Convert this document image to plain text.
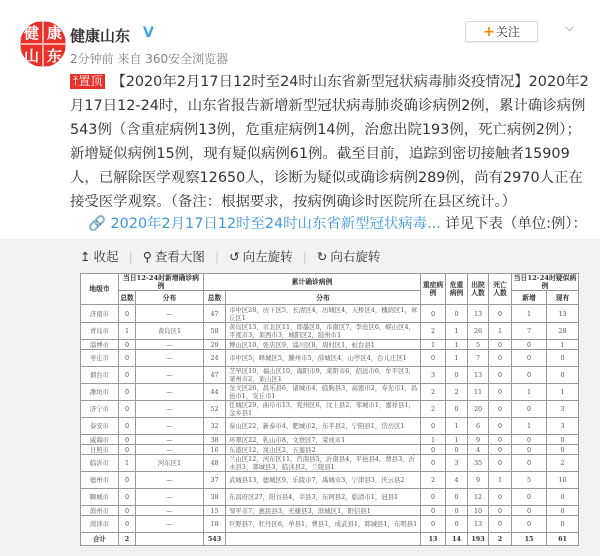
健 康
山 东
健康山东 V
2分钟前 来自 360安全浏览器
+ 关注	⌵
⤒置顶 【2020年2月17日12时至24时山东省新型冠状病毒肺炎疫情况】2020年2月17日12-24时，山东省报告新增新型冠状病毒肺炎确诊病例2例，累计确诊病例543例（含重症病例13例，危重症病例14例，治愈出院193例，死亡病例2例）；新增疑似病例15例，现有疑似病例61例。截至目前，追踪到密切接触者15909人，已解除医学观察12650人，诊断为疑似或确诊病例289例，尚有2970人正在接受医学观察。（备注：根据要求，按病例确诊时医院所在县区统计。）
🔗 2020年2月17日12时至24时山东省新型冠状病毒... 详见下表（单位:例）：
↥ 收起 | ⚲ 查看大图 | ↺ 向左旋转 | ↻ 向右旋转
地级市	当日12-24时新增确诊病例		累计确诊病例		重症病例	危重病例	出院人数	死亡人数	当日12-24时疑似病例	
	总数	分布	总数	分布					新增	现有
济南市	0	—	47	市中区28，历下区5，长清区4，历城区4，天桥区4，槐荫区1，章丘区1	0	0	13	0	1	13
青岛市	1	黄岛区1	58	黄岛区13，市北区11，即墨区8，市南区7，李沧区6，崂山区4，平度市3，莱西市3，城阳区2，胶州市1	2	1	26	1	7	28
淄博市	0	—	29	博山区10，张店区9，淄川区8，周村区1，桓台县1	1	1	5	0	0	1
枣庄市	0	—	24	市中区5，峄城区5，滕州市5，薛城区4，山亭区4，台儿庄区1	0	1	7	0	0	0
烟台市	0	—	47	芝罘区10，福山区10，海阳市9，莱阳市6，招远市6，牟平区3，莱州市2，莱山区1	3	0	13	0	0	0
潍坊市	0	—	44	奎文区26，昌乐县6，诸城市4，临朐县3，高密市2，寿光市1，昌邑市1，安丘市1	2	2	11	0	1	1
济宁市	0	—	52	任城区29，曲阜市13，兖州区6，汶上县2，邹城市1，嘉祥县1，金乡县1	2	0	20	0	0	3
泰安市	0	—	32	泰山区22，新泰市4，肥城市2，东平县2，宁阳县1，岱岳区1	0	1	6	0	1	3
威海市	0	—	38	环翠区22，乳山市8，文登区7，荣成市1	1	1	9	0	0	0
日照市	0	—	16	东港区12，岚山区2，五莲县2	0	0	4	0	0	0
临沂市	1	河东区1	48	兰山区12，河东区11，莒南县5，沂南县4，平邑县4，费县3，沂水县3，郯城县3，临沭县2，兰陵县1	0	3	35	0	0	2
德州市	0	—	37	武城县13，德城区9，乐陵市7，禹城市3，宁津县3，庆云县2	2	4	9	1	5	10
聊城市	0	—	38	东昌府区27，阳谷县4，莘县3，东阿县2，临清市1，冠县1	0	0	12	0	0	0
滨州市	0	—	15	邹平市7，惠民县3，无棣县3，滨城区1，阳信县1	0	0	10	0	0	0
菏泽市	0	—	18	巨野县7，牡丹区6，单县1，曹县1，成武县1，郓城县1，东明县1	0	0	13	0	0	0
合计	2		543		13	14	193	2	15	61
